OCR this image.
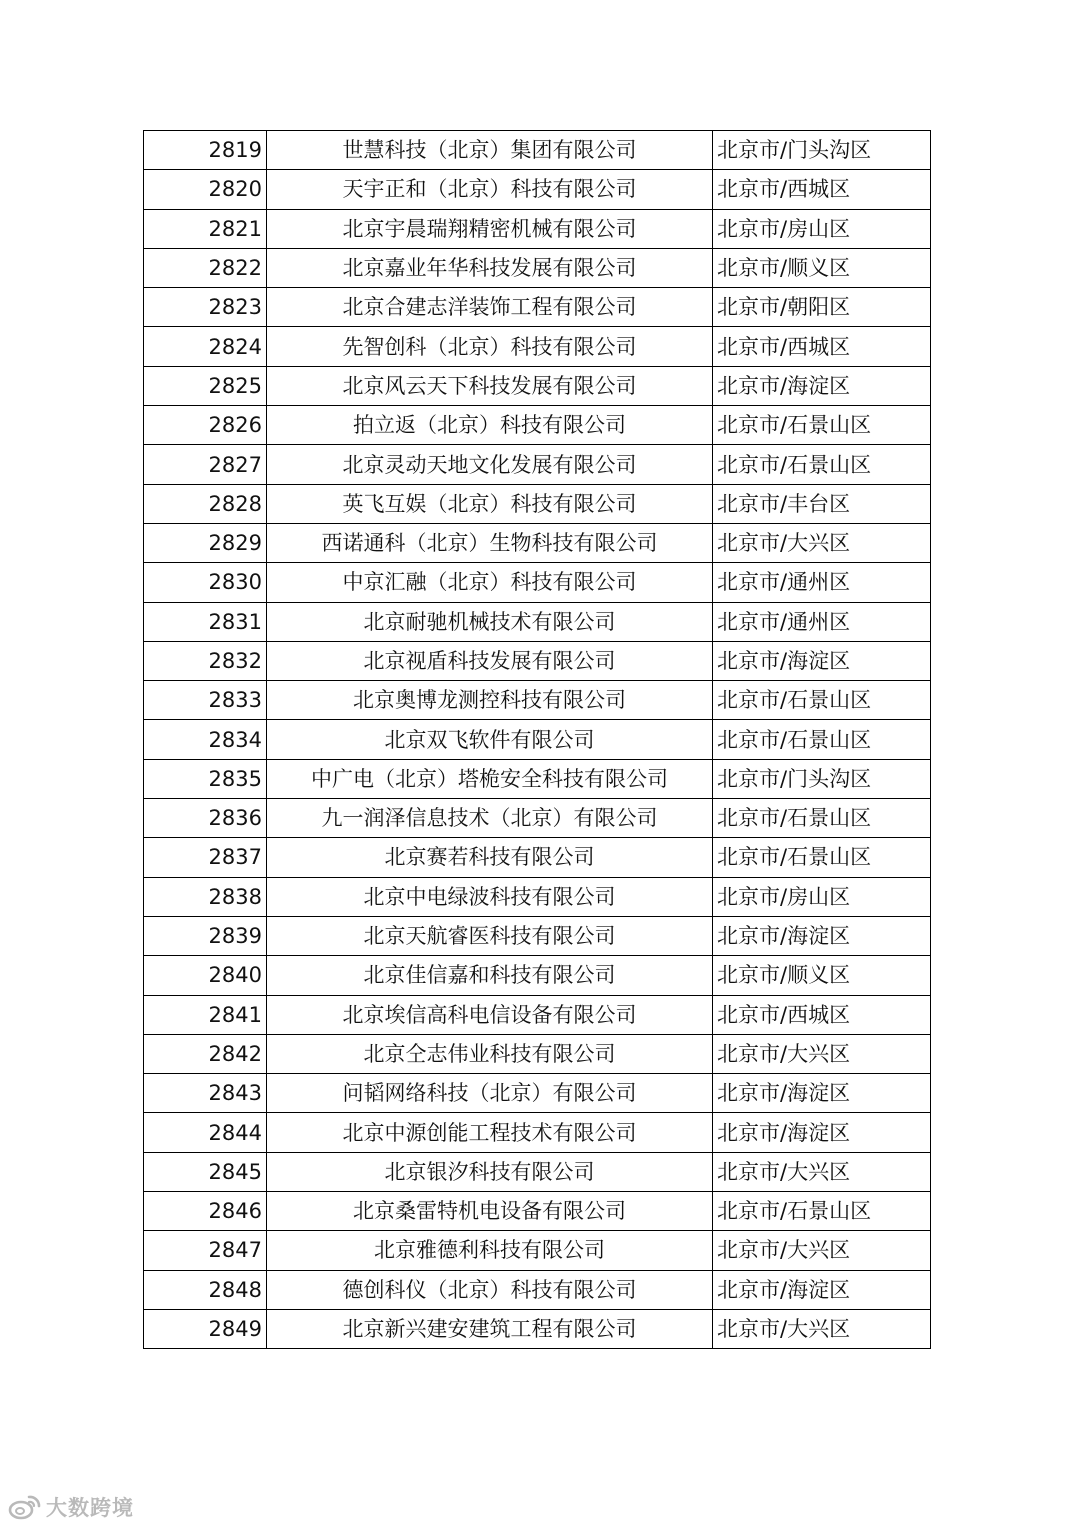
2819	世慧科技（北京）集团有限公司	北京市/门头沟区
2820	天宇正和（北京）科技有限公司	北京市/西城区
2821	北京宇晨瑞翔精密机械有限公司	北京市/房山区
2822	北京嘉业年华科技发展有限公司	北京市/顺义区
2823	北京合建志洋装饰工程有限公司	北京市/朝阳区
2824	先智创科（北京）科技有限公司	北京市/西城区
2825	北京风云天下科技发展有限公司	北京市/海淀区
2826	拍立返（北京）科技有限公司	北京市/石景山区
2827	北京灵动天地文化发展有限公司	北京市/石景山区
2828	英飞互娱（北京）科技有限公司	北京市/丰台区
2829	西诺通科（北京）生物科技有限公司	北京市/大兴区
2830	中京汇融（北京）科技有限公司	北京市/通州区
2831	北京耐驰机械技术有限公司	北京市/通州区
2832	北京视盾科技发展有限公司	北京市/海淀区
2833	北京奥博龙测控科技有限公司	北京市/石景山区
2834	北京双飞软件有限公司	北京市/石景山区
2835	中广电（北京）塔桅安全科技有限公司	北京市/门头沟区
2836	九一润泽信息技术（北京）有限公司	北京市/石景山区
2837	北京赛若科技有限公司	北京市/石景山区
2838	北京中电绿波科技有限公司	北京市/房山区
2839	北京天航睿医科技有限公司	北京市/海淀区
2840	北京佳信嘉和科技有限公司	北京市/顺义区
2841	北京埃信高科电信设备有限公司	北京市/西城区
2842	北京仝志伟业科技有限公司	北京市/大兴区
2843	问韬网络科技（北京）有限公司	北京市/海淀区
2844	北京中源创能工程技术有限公司	北京市/海淀区
2845	北京银汐科技有限公司	北京市/大兴区
2846	北京桑雷特机电设备有限公司	北京市/石景山区
2847	北京雅德利科技有限公司	北京市/大兴区
2848	德创科仪（北京）科技有限公司	北京市/海淀区
2849	北京新兴建安建筑工程有限公司	北京市/大兴区
大数跨境
